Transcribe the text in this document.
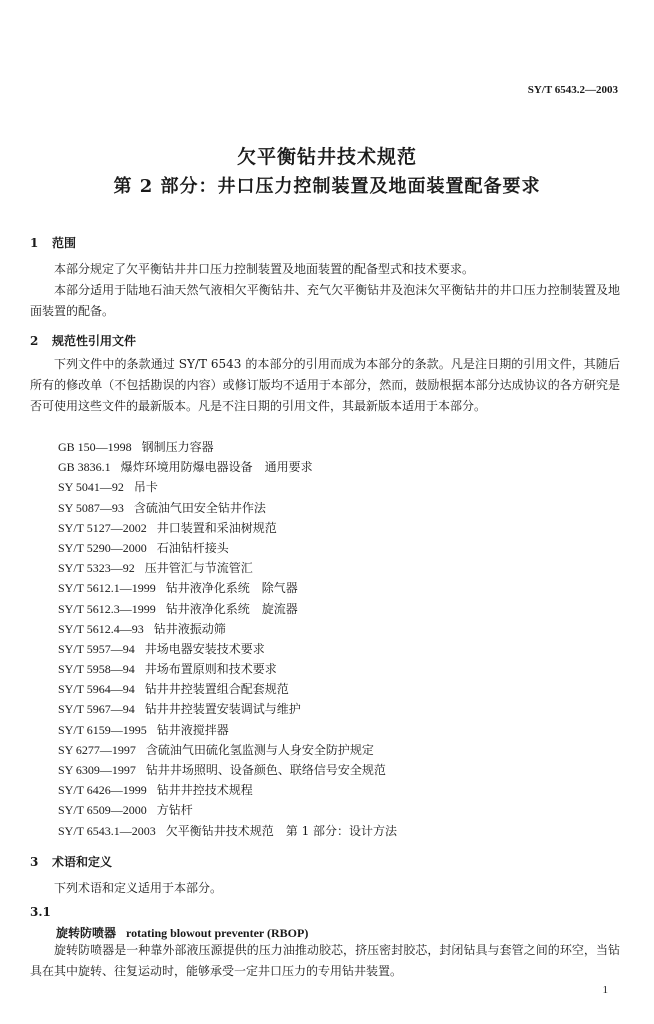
SY/T 6543.2—2003
欠平衡钻井技术规范
第 2 部分：井口压力控制装置及地面装置配备要求
1 范围
本部分规定了欠平衡钻井井口压力控制装置及地面装置的配备型式和技术要求。
本部分适用于陆地石油天然气液相欠平衡钻井、充气欠平衡钻井及泡沫欠平衡钻井的井口压力控制装置及地面装置的配备。
2 规范性引用文件
下列文件中的条款通过 SY/T 6543 的本部分的引用而成为本部分的条款。凡是注日期的引用文件，其随后所有的修改单（不包括勘误的内容）或修订版均不适用于本部分，然而，鼓励根据本部分达成协议的各方研究是否可使用这些文件的最新版本。凡是不注日期的引用文件，其最新版本适用于本部分。
GB 150—1998 钢制压力容器
GB 3836.1 爆炸环境用防爆电器设备　通用要求
SY 5041—92 吊卡
SY 5087—93 含硫油气田安全钻井作法
SY/T 5127—2002 井口装置和采油树规范
SY/T 5290—2000 石油钻杆接头
SY/T 5323—92 压井管汇与节流管汇
SY/T 5612.1—1999 钻井液净化系统　除气器
SY/T 5612.3—1999 钻井液净化系统　旋流器
SY/T 5612.4—93 钻井液振动筛
SY/T 5957—94 井场电器安装技术要求
SY/T 5958—94 井场布置原则和技术要求
SY/T 5964—94 钻井井控装置组合配套规范
SY/T 5967—94 钻井井控装置安装调试与维护
SY/T 6159—1995 钻井液搅拌器
SY 6277—1997 含硫油气田硫化氢监测与人身安全防护规定
SY 6309—1997 钻井井场照明、设备颜色、联络信号安全规范
SY/T 6426—1999 钻井井控技术规程
SY/T 6509—2000 方钻杆
SY/T 6543.1—2003 欠平衡钻井技术规范　第 1 部分：设计方法
3 术语和定义
下列术语和定义适用于本部分。
3.1
旋转防喷器 rotating blowout preventer (RBOP)
旋转防喷器是一种靠外部液压源提供的压力油推动胶芯，挤压密封胶芯，封闭钻具与套管之间的环空，当钻具在其中旋转、往复运动时，能够承受一定井口压力的专用钻井装置。
1
